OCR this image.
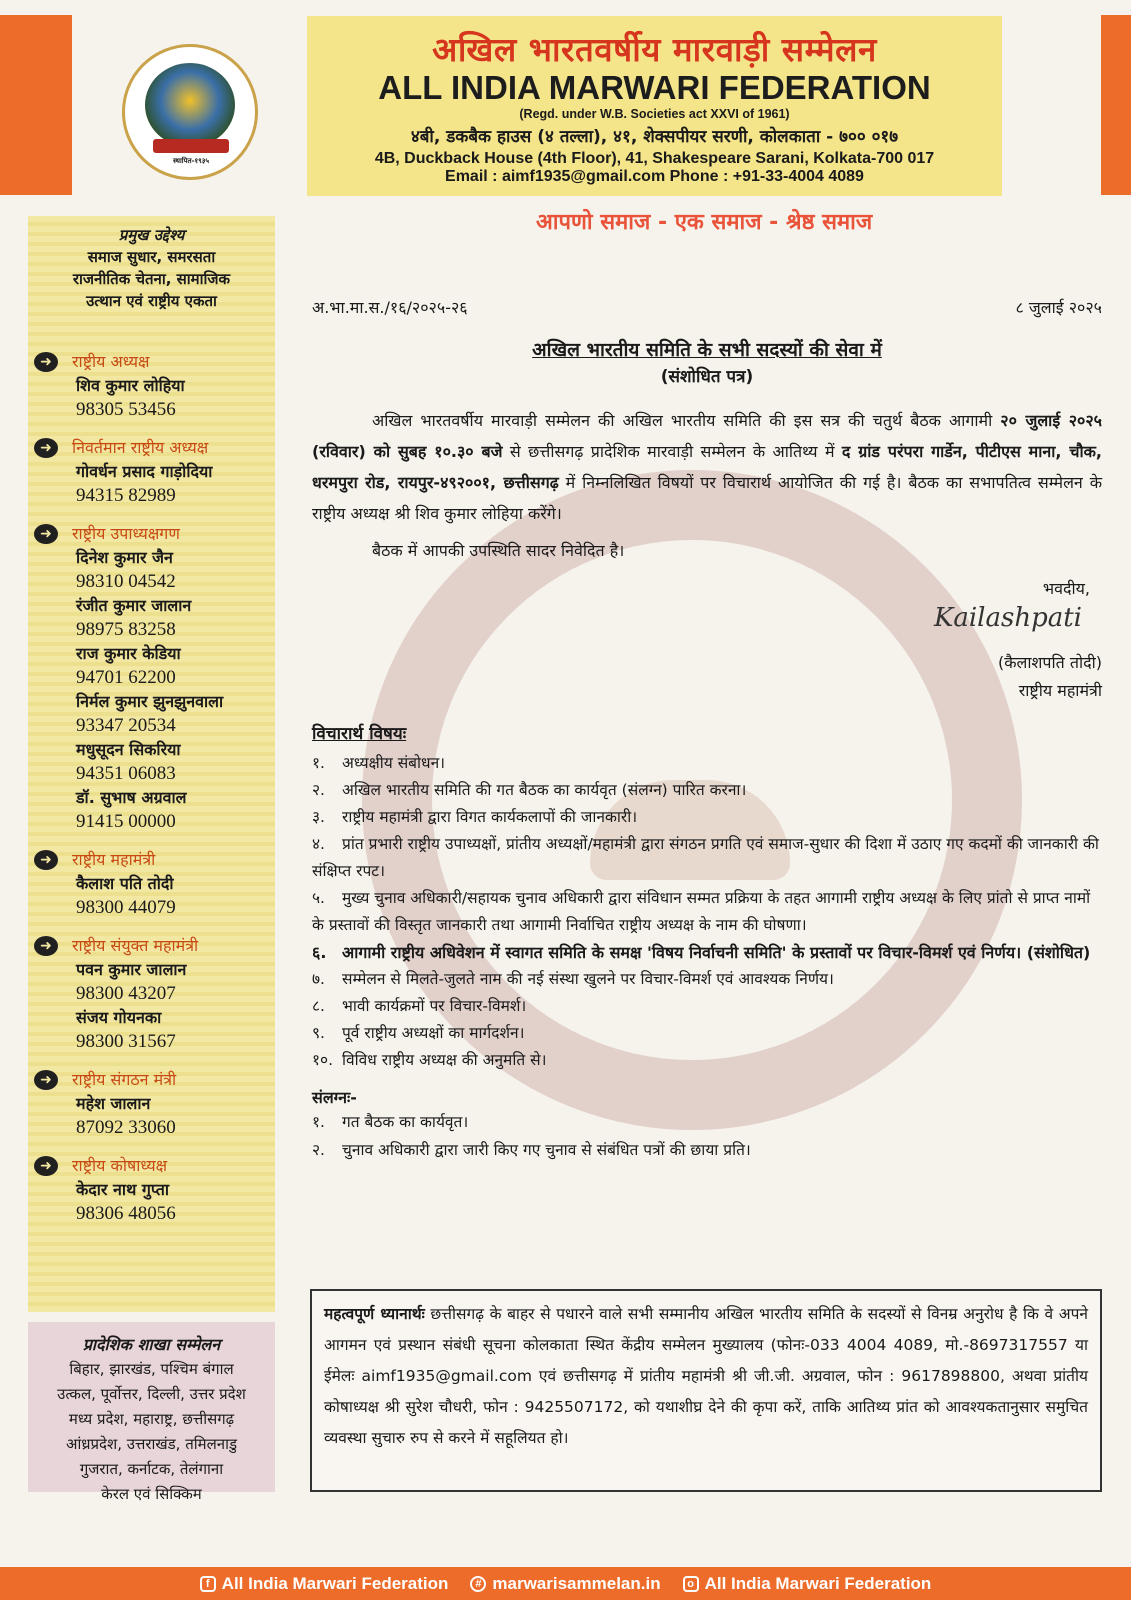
अखिल भारतवर्षीय मारवाड़ी सम्मेलन
ALL INDIA MARWARI FEDERATION
(Regd. under W.B. Societies act XXVI of 1961)
४बी, डकबैक हाउस (४ तल्ला), ४१, शेक्सपीयर सरणी, कोलकाता - ७०० ०१७
4B, Duckback House (4th Floor), 41, Shakespeare Sarani, Kolkata-700 017
Email : aimf1935@gmail.com Phone : +91-33-4004 4089
स्थापित-१९३५
आपणो समाज - एक समाज - श्रेष्ठ समाज
प्रमुख उद्देश्य
समाज सुधार, समरसता
राजनीतिक चेतना, सामाजिक
उत्थान एवं राष्ट्रीय एकता
➜	राष्ट्रीय अध्यक्ष
शिव कुमार लोहिया
98305 53456
➜	निवर्तमान राष्ट्रीय अध्यक्ष
गोवर्धन प्रसाद गाड़ोदिया
94315 82989
➜	राष्ट्रीय उपाध्यक्षगण
दिनेश कुमार जैन
98310 04542
रंजीत कुमार जालान
98975 83258
राज कुमार केडिया
94701 62200
निर्मल कुमार झुनझुनवाला
93347 20534
मधुसूदन सिकरिया
94351 06083
डॉ. सुभाष अग्रवाल
91415 00000
➜	राष्ट्रीय महामंत्री
कैलाश पति तोदी
98300 44079
➜	राष्ट्रीय संयुक्त महामंत्री
पवन कुमार जालान
98300 43207
संजय गोयनका
98300 31567
➜	राष्ट्रीय संगठन मंत्री
महेश जालान
87092 33060
➜	राष्ट्रीय कोषाध्यक्ष
केदार नाथ गुप्ता
98306 48056
प्रादेशिक शाखा सम्मेलन
बिहार, झारखंड, पश्चिम बंगाल
उत्कल, पूर्वोत्तर, दिल्ली, उत्तर प्रदेश
मध्य प्रदेश, महाराष्ट्र, छत्तीसगढ़
आंध्रप्रदेश, उत्तराखंड, तमिलनाडु
गुजरात, कर्नाटक, तेलंगाना
केरल एवं सिक्किम
अ.भा.मा.स./१६/२०२५-२६	८ जुलाई २०२५
अखिल भारतीय समिति के सभी सदस्यों की सेवा में
(संशोधित पत्र)
अखिल भारतवर्षीय मारवाड़ी सम्मेलन की अखिल भारतीय समिति की इस सत्र की चतुर्थ बैठक आगामी २० जुलाई २०२५ (रविवार) को सुबह १०.३० बजे से छत्तीसगढ़ प्रादेशिक मारवाड़ी सम्मेलन के आतिथ्य में द ग्रांड परंपरा गार्डेन, पीटीएस माना, चौक, धरमपुरा रोड, रायपुर-४९२००१, छत्तीसगढ़ में निम्नलिखित विषयों पर विचारार्थ आयोजित की गई है। बैठक का सभापतित्व सम्मेलन के राष्ट्रीय अध्यक्ष श्री शिव कुमार लोहिया करेंगे।
बैठक में आपकी उपस्थिति सादर निवेदित है।
भवदीय,
Kailashpati
(कैलाशपति तोदी)
राष्ट्रीय महामंत्री
विचारार्थ विषयः
१. अध्यक्षीय संबोधन।
२. अखिल भारतीय समिति की गत बैठक का कार्यवृत (संलग्न) पारित करना।
३. राष्ट्रीय महामंत्री द्वारा विगत कार्यकलापों की जानकारी।
४. प्रांत प्रभारी राष्ट्रीय उपाध्यक्षों, प्रांतीय अध्यक्षों/महामंत्री द्वारा संगठन प्रगति एवं समाज-सुधार की दिशा में उठाए गए कदमों की जानकारी की संक्षिप्त रपट।
५. मुख्य चुनाव अधिकारी/सहायक चुनाव अधिकारी द्वारा संविधान सम्मत प्रक्रिया के तहत आगामी राष्ट्रीय अध्यक्ष के लिए प्रांतो से प्राप्त नामों के प्रस्तावों की विस्तृत जानकारी तथा आगामी निर्वाचित राष्ट्रीय अध्यक्ष के नाम की घोषणा।
६. आगामी राष्ट्रीय अधिवेशन में स्वागत समिति के समक्ष 'विषय निर्वाचनी समिति' के प्रस्तावों पर विचार-विमर्श एवं निर्णय। (संशोधित)
७. सम्मेलन से मिलते-जुलते नाम की नई संस्था खुलने पर विचार-विमर्श एवं आवश्यक निर्णय।
८. भावी कार्यक्रमों पर विचार-विमर्श।
९. पूर्व राष्ट्रीय अध्यक्षों का मार्गदर्शन।
१०. विविध राष्ट्रीय अध्यक्ष की अनुमति से।
संलग्नः-
१. गत बैठक का कार्यवृत।
२. चुनाव अधिकारी द्वारा जारी किए गए चुनाव से संबंधित पत्रों की छाया प्रति।
महत्वपूर्ण ध्यानार्थः छत्तीसगढ़ के बाहर से पधारने वाले सभी सम्मानीय अखिल भारतीय समिति के सदस्यों से विनम्र अनुरोध है कि वे अपने आगमन एवं प्रस्थान संबंधी सूचना कोलकाता स्थित केंद्रीय सम्मेलन मुख्यालय (फोनः-033 4004 4089, मो.-8697317557 या ईमेलः aimf1935@gmail.com एवं छत्तीसगढ़ में प्रांतीय महामंत्री श्री जी.जी. अग्रवाल, फोन : 9617898800, अथवा प्रांतीय कोषाध्यक्ष श्री सुरेश चौधरी, फोन : 9425507172, को यथाशीघ्र देने की कृपा करें, ताकि आतिथ्य प्रांत को आवश्यकतानुसार समुचित व्यवस्था सुचारु रुप से करने में सहूलियत हो।
f All India Marwari Federation	# marwarisammelan.in	o All India Marwari Federation
